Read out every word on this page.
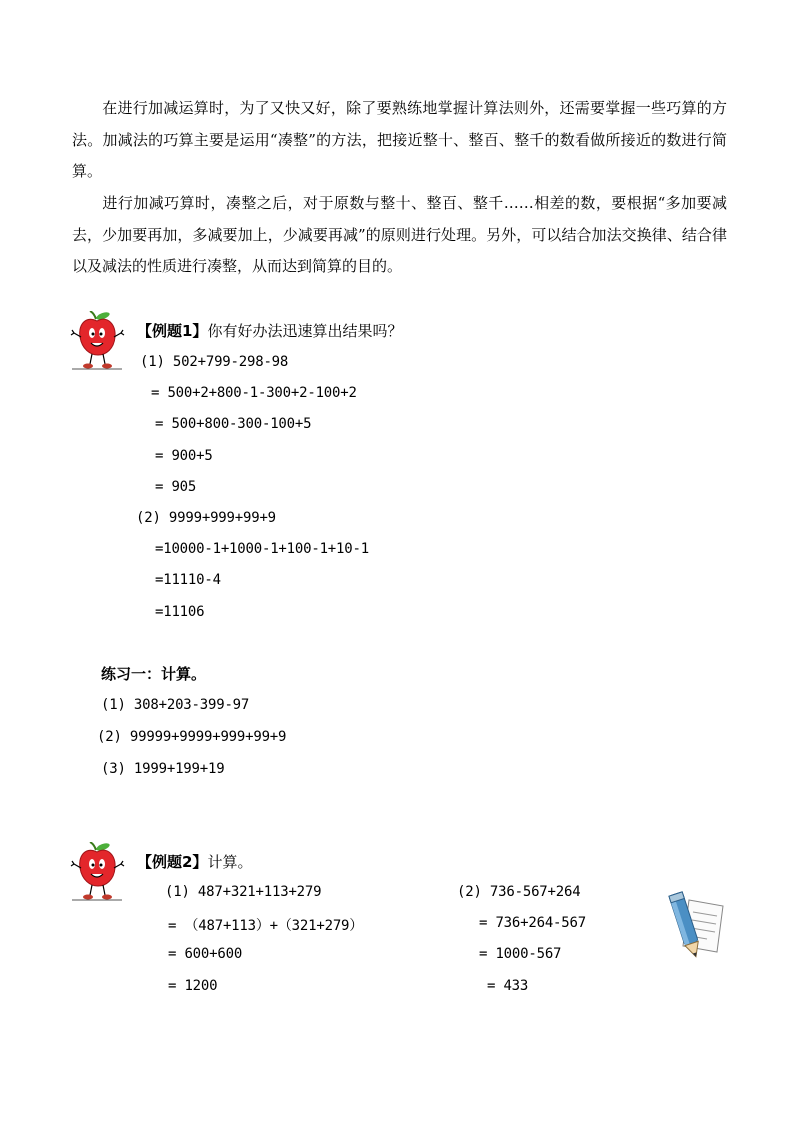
在进行加减运算时，为了又快又好，除了要熟练地掌握计算法则外，还需要掌握一些巧算的方法。加减法的巧算主要是运用“凑整”的方法，把接近整十、整百、整千的数看做所接近的数进行简算。
进行加减巧算时，凑整之后，对于原数与整十、整百、整千……相差的数，要根据“多加要减去，少加要再加，多减要加上，少减要再减”的原则进行处理。另外，可以结合加法交换律、结合律以及减法的性质进行凑整，从而达到简算的目的。
【例题1】你有好办法迅速算出结果吗？
(1) 502+799-298-98
= 500+2+800-1-300+2-100+2
= 500+800-300-100+5
= 900+5
= 905
(2) 9999+999+99+9
=10000-1+1000-1+100-1+10-1
=11110-4
=11106
练习一：计算。
(1) 308+203-399-97
(2) 99999+9999+999+99+9
(3) 1999+199+19
【例题2】计算。
(1) 487+321+113+279
= （487+113）+（321+279）
= 600+600
= 1200
(2) 736-567+264
= 736+264-567
= 1000-567
= 433
